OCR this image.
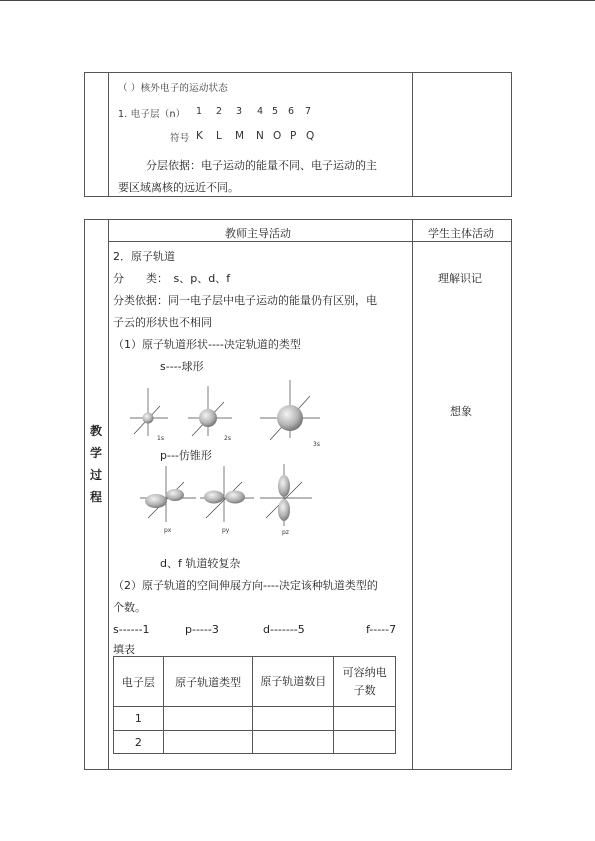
（ ）核外电子的运动状态
1. 电子层（n） 1 2 3 4 5 6 7
符号 K L M N O P Q
分层依据：电子运动的能量不同、电子运动的主
要区域离核的远近不同。
教
学
过
程
教师主导活动	学生主体活动
理解识记
想象
2．原子轨道
分　　类：　s、p、d、f
分类依据：同一电子层中电子运动的能量仍有区别，电
子云的形状也不相同
（1）原子轨道形状----决定轨道的类型
s----球形
1s	2s
3s
p---仿锥形
px	py	pz
d、f 轨道较复杂
（2）原子轨道的空间伸展方向----决定该种轨道类型的
个数。
s------1	p-----3	d-------5	f-----7
填表
电子层	原子轨道类型	原子轨道数目	可容纳电子数
1			
2			
